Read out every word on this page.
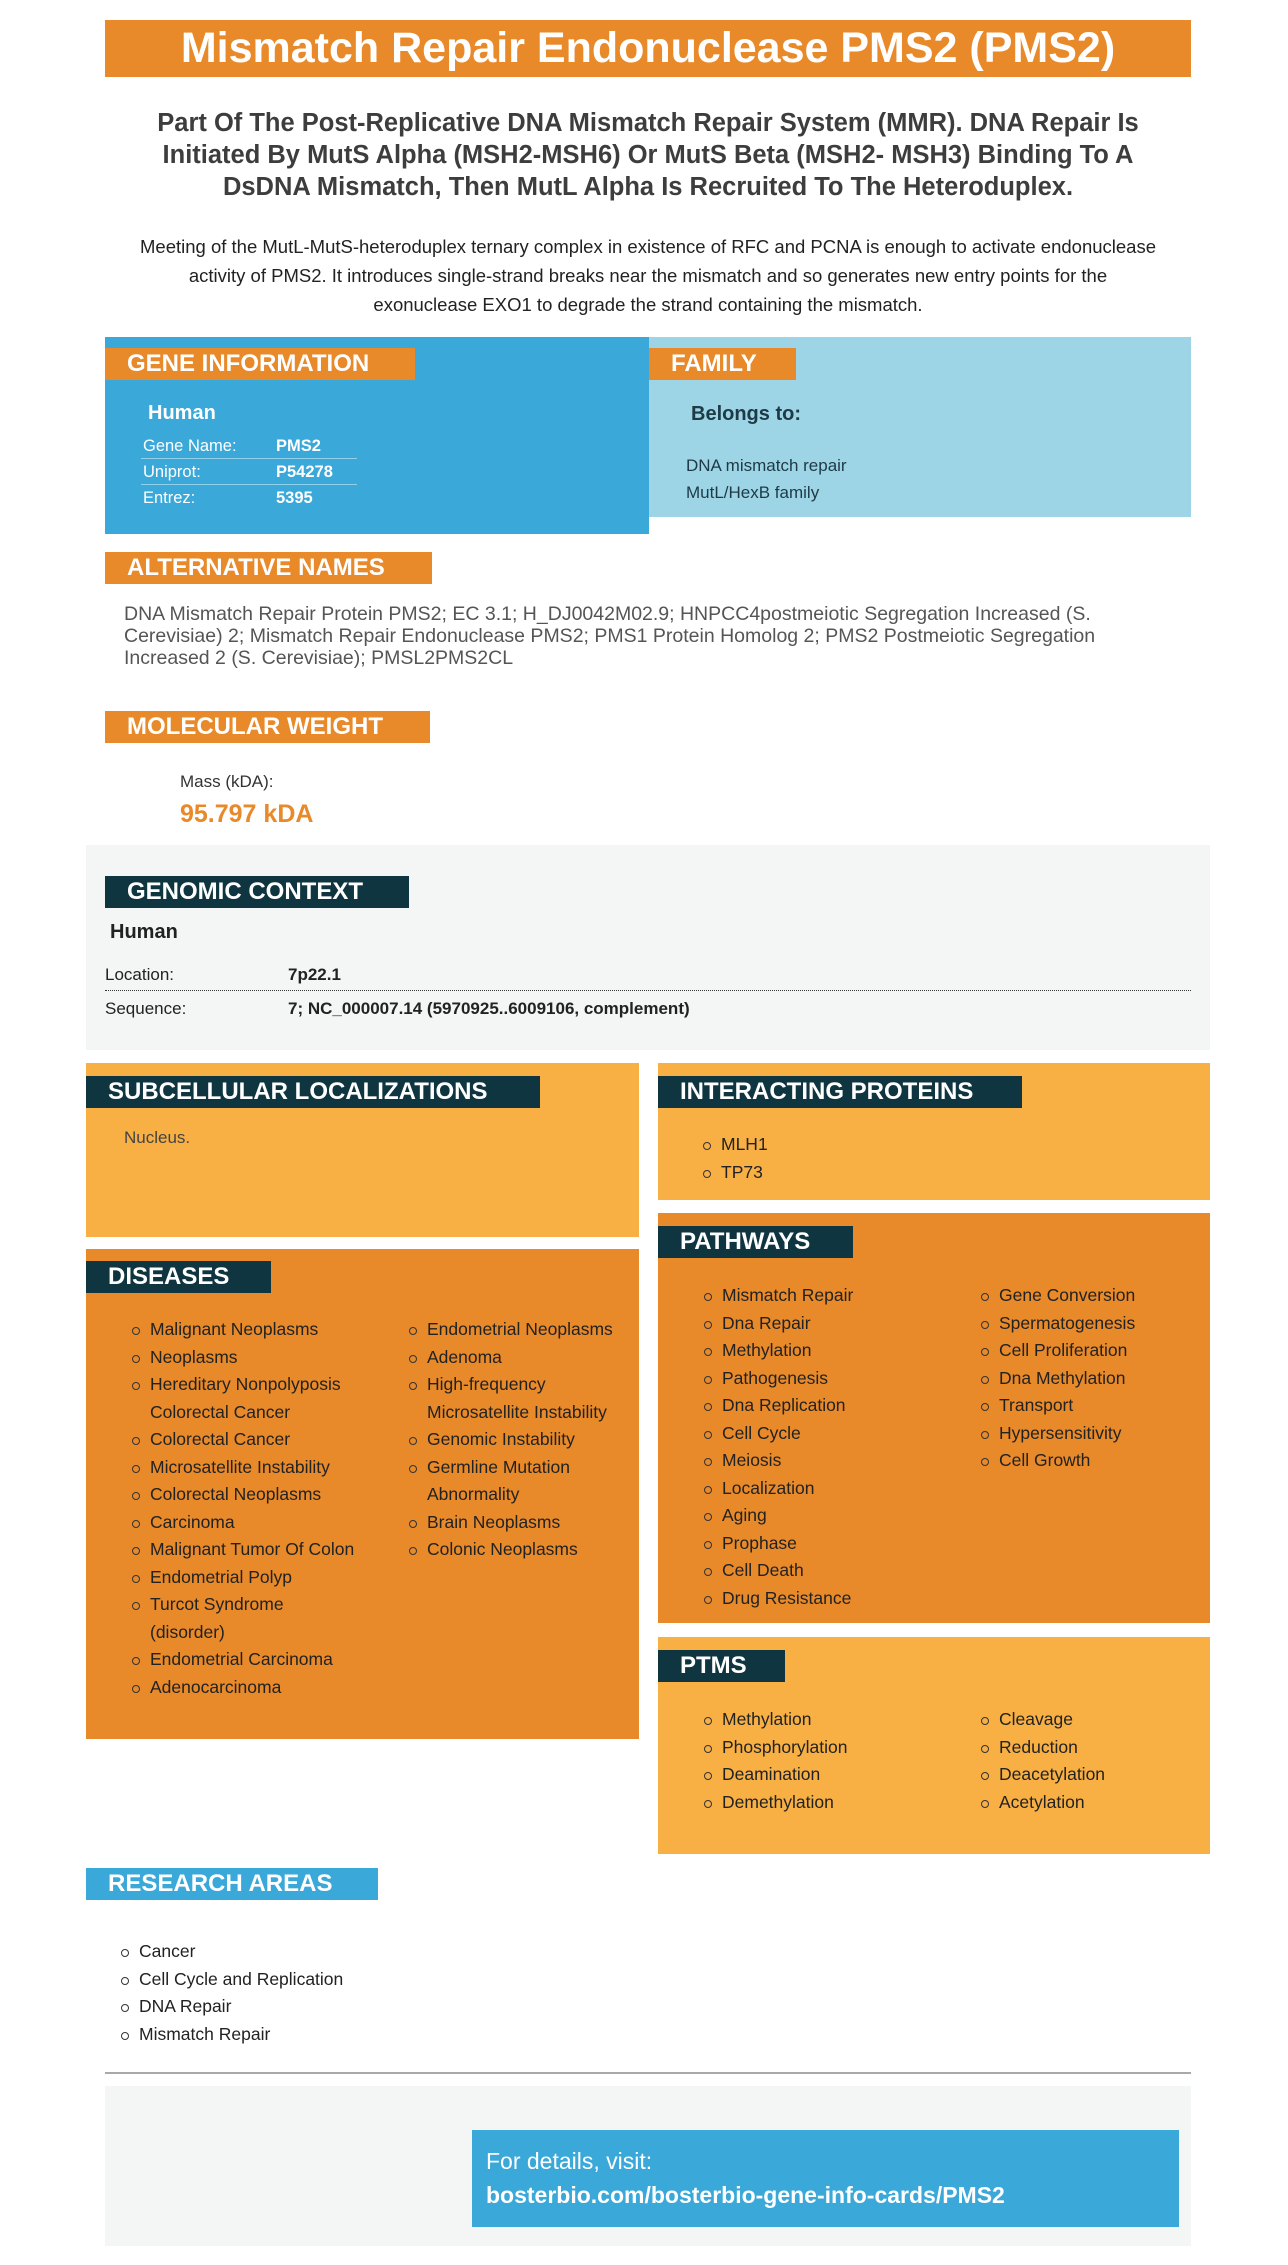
Mismatch Repair Endonuclease PMS2 (PMS2)
Part Of The Post-Replicative DNA Mismatch Repair System (MMR). DNA Repair Is Initiated By MutS Alpha (MSH2-MSH6) Or MutS Beta (MSH2- MSH3) Binding To A DsDNA Mismatch, Then MutL Alpha Is Recruited To The Heteroduplex.
Meeting of the MutL-MutS-heteroduplex ternary complex in existence of RFC and PCNA is enough to activate endonuclease activity of PMS2. It introduces single-strand breaks near the mismatch and so generates new entry points for the exonuclease EXO1 to degrade the strand containing the mismatch.
GENE INFORMATION
Human
Gene Name:	PMS2
Uniprot:	P54278
Entrez:	5395
FAMILY
Belongs to:
DNA mismatch repair
MutL/HexB family
ALTERNATIVE NAMES
DNA Mismatch Repair Protein PMS2; EC 3.1; H_DJ0042M02.9; HNPCC4postmeiotic Segregation Increased (S. Cerevisiae) 2; Mismatch Repair Endonuclease PMS2; PMS1 Protein Homolog 2; PMS2 Postmeiotic Segregation Increased 2 (S. Cerevisiae); PMSL2PMS2CL
MOLECULAR WEIGHT
Mass (kDA):
95.797 kDA
GENOMIC CONTEXT
Human
Location:	7p22.1
Sequence:	7; NC_000007.14 (5970925..6009106, complement)
SUBCELLULAR LOCALIZATIONS
Nucleus.
INTERACTING PROTEINS
MLH1
TP73
DISEASES
Malignant Neoplasms
Neoplasms
Hereditary Nonpolyposis Colorectal Cancer
Colorectal Cancer
Microsatellite Instability
Colorectal Neoplasms
Carcinoma
Malignant Tumor Of Colon
Endometrial Polyp
Turcot Syndrome (disorder)
Endometrial Carcinoma
Adenocarcinoma
Endometrial Neoplasms
Adenoma
High-frequency Microsatellite Instability
Genomic Instability
Germline Mutation Abnormality
Brain Neoplasms
Colonic Neoplasms
PATHWAYS
Mismatch Repair
Dna Repair
Methylation
Pathogenesis
Dna Replication
Cell Cycle
Meiosis
Localization
Aging
Prophase
Cell Death
Drug Resistance
Gene Conversion
Spermatogenesis
Cell Proliferation
Dna Methylation
Transport
Hypersensitivity
Cell Growth
PTMS
Methylation
Phosphorylation
Deamination
Demethylation
Cleavage
Reduction
Deacetylation
Acetylation
RESEARCH AREAS
Cancer
Cell Cycle and Replication
DNA Repair
Mismatch Repair
For details, visit:
bosterbio.com/bosterbio-gene-info-cards/PMS2
